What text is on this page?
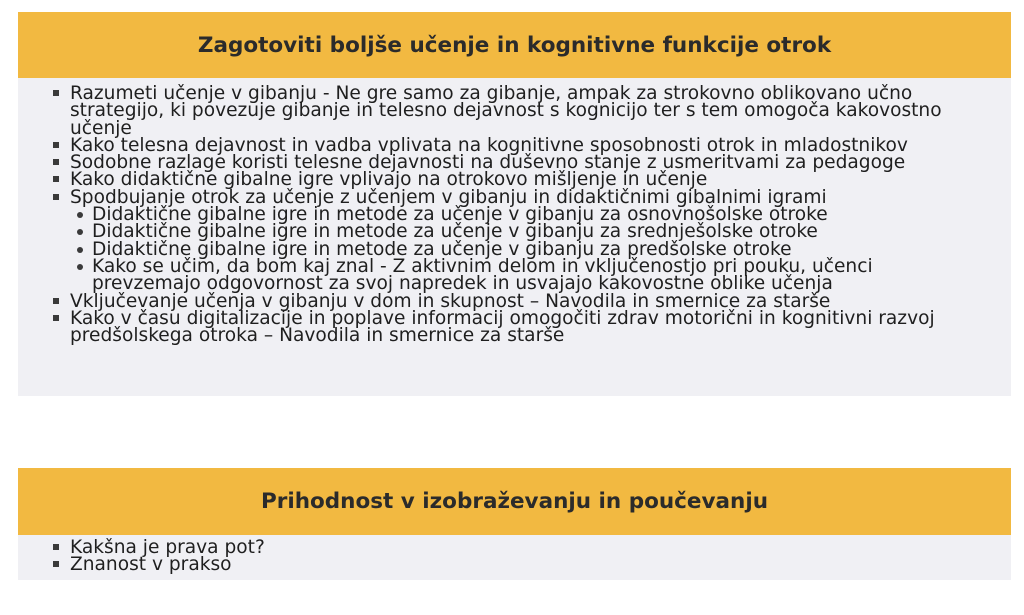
Zagotoviti boljše učenje in kognitivne funkcije otrok
Razumeti učenje v gibanju - Ne gre samo za gibanje, ampak za strokovno oblikovano učno strategijo, ki povezuje gibanje in telesno dejavnost s kognicijo ter s tem omogoča kakovostno učenje
Kako telesna dejavnost in vadba vplivata na kognitivne sposobnosti otrok in mladostnikov
Sodobne razlage koristi telesne dejavnosti na duševno stanje z usmeritvami za pedagoge
Kako didaktične gibalne igre vplivajo na otrokovo mišljenje in učenje
Spodbujanje otrok za učenje z učenjem v gibanju in didaktičnimi gibalnimi igrami
Didaktične gibalne igre in metode za učenje v gibanju za osnovnošolske otroke
Didaktične gibalne igre in metode za učenje v gibanju za srednješolske otroke
Didaktične gibalne igre in metode za učenje v gibanju za predšolske otroke
Kako se učim, da bom kaj znal - Z aktivnim delom in vključenostjo pri pouku, učenci prevzemajo odgovornost za svoj napredek in usvajajo kakovostne oblike učenja
Vključevanje učenja v gibanju v dom in skupnost – Navodila in smernice za starše
Kako v času digitalizacije in poplave informacij omogočiti zdrav motorični in kognitivni razvoj predšolskega otroka – Navodila in smernice za starše
Prihodnost v izobraževanju in poučevanju
Kakšna je prava pot?
Znanost v prakso
